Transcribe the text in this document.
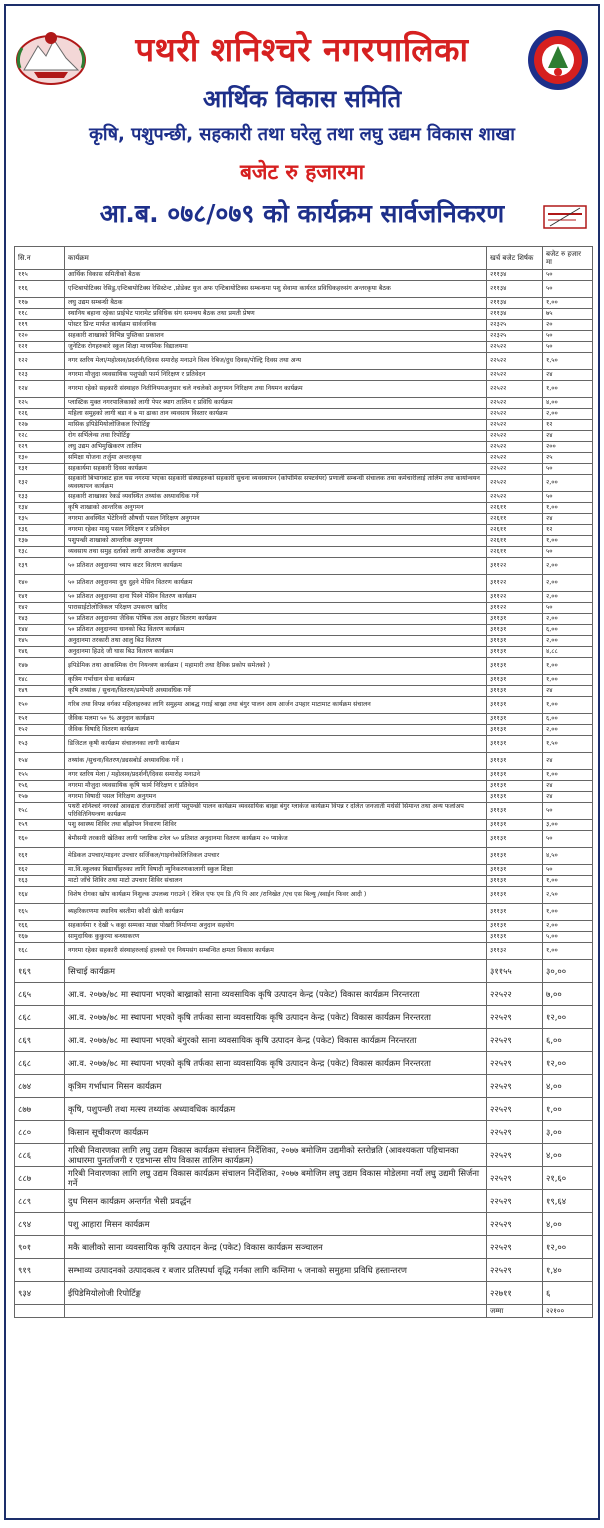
पथरी शनिश्चरे नगरपालिका
आर्थिक विकास समिति
कृषि, पशुपन्छी, सहकारी तथा घरेलु तथा लघु उद्यम विकास शाखा
बजेट रु हजारमा
आ.ब. ०७८/०७९ को कार्यक्रम सार्वजनिकरण
सि.न	कार्यक्रम	खर्च बजेट शिर्षक	बजेट रु हजार मा
११५	आर्थिक विकास समितीको बैठक	२११३४	५०
११६	एन्टिबायोटिक्स रेसिडु,एन्टिबायोटिक्स रेसिस्टेन्ट ,प्रोडेक्ट युज अफ एन्टिबायोटिक्स सम्बन्धमा पशु सेवामा कार्यरत प्रविधिकहरुसंग अन्तरकृया बैठक	२११३४	५०
११७	लघु उद्यम सम्बन्धी बैठक	२११३४	१,००
११८	स्थानिय बहाना रहेका प्राईभेट पारामेट प्रविधिक संग समन्वय बैठक तथा प्रमती प्रेषण	२११३४	७५
११९	पोस्टर प्रिन्ट मार्फत कार्यक्रम सार्वजनिक	२२३२५	२०
१२०	सहकारी शाखाको विभिन्न पुस्तिका प्रकाशन	२२३२५	५०
१२१	जुनेटिक रोगहरुबारे स्कुल शिक्षा माध्यमिक विद्यालयमा	२२५२२	५०
१२२	नगर स्तरिय मेला/महोत्सव/प्रदर्शनी/दिवस समारोह मनाउने विश्व रेबिज/दुध दिवस/पोल्ट्रि दिवस तथा अन्य	२२५२२	१,५०
१२३	नगरमा मौजुदा व्यवसायिक पशुपंछी फार्म निरिक्षण र प्रतिवेदन	२२५२२	२४
१२४	नगरमा रहेको सहकारी संस्थाहरु नितीनियमअनुसार चले नचलेको अनुगमन निरिक्षण तथा नियमन कार्यक्रम	२२५२२	१,००
१२५	प्लास्टिक मुक्त नगरपालिकाको लागी पेपर ब्याग तालिम र प्रविधि कार्यक्रम	२२५२२	४,००
१२६	महिला समुहको लागी बडा नं ७ मा ढाका तान व्यवसाय विस्तार कार्यक्रम	२२५२२	२,००
१२७	मासिक इपिडेमियोलोजिकल रिपोर्टिङ्ग	२२५२२	१२
१२८	रोग सर्भिलेन्स तथा रिपोर्टिङ्ग	२२५२२	२४
१२९	लघु उद्यम अभिमुखिकरण तालिम	२२५२२	२००
१३०	समिक्षा योजना तर्जुमा अन्तरकृया	२२५२२	२५
१३१	सहकार्यमा सहकारी दिवस कार्यक्रम	२२५२२	५०
१३२	सहकारी बिभागबाट हाल यस नगरमा भएका सहकारी संस्थाहरुको सहकारी सुचना व्यवस्थापन (कोपोमिस सफ्टवेयर) प्रणाली सम्बन्धी संचालक तथा कर्मचारीलाई तालिम तथा कार्यान्वयन व्यवस्थापन कार्यक्रम	२२५२२	२,००
१३३	सहकारी शाखाका रेकर्ड व्यवस्थित तथ्यांक अध्यावधिक गर्ने	२२५२२	५०
१३४	कृषि शाखाको आन्तरिक अनुगमन	२२६११	१,००
१३५	नगरमा अवस्थित भेटेरिनरी औषधी पसल निरिक्षण अनुगमन	२२६११	२४
१३६	नगरमा रहेका मासु पसल निरिक्षण र प्रतिवेदन	२२६११	१२
१३७	पशुपन्छी शाखाको आन्तरिक अनुगमन	२२६११	१,००
१३८	व्यवसाय तथा समुह दर्ताको लागी आन्तरीक अनुगमन	२२६११	५०
१३९	५० प्रतिशत अनुदानमा च्याप कटर वितरण कार्यक्रम	३११२२	२,००
१४०	५० प्रतिशत अनुदानमा दुध दुहने मेसिन वितरण कार्यक्रम	३११२२	२,००
१४१	५० प्रतिशत अनुदानमा दाना पिस्ने मेसिन वितरण कार्यक्रम	३११२२	२,००
१४२	पारासाईटोलोजिकल परिक्षण उपकरण खरिद	३११२२	५०
१४३	५० प्रतिशत अनुदानमा जैविक पोषिक तत्व आहार वितरण कार्यक्रम	३११३१	२,००
१४४	५० प्रतिशत अनुदानमा धानको बिउ वितरण कार्यक्रम	३११३१	६,००
१४५	अनुदानमा तरकारी तथा आलु बिउ वितरण	३११३१	२,००
१४६	अनुदानमा हिउदे जौ घास बिउ वितरण कार्यक्रम	३११३१	४,८८
१४७	इपिडेमिक तथा आकस्मिक रोग नियन्त्रण कार्यक्रम ( महामारी तथा दैविक प्रकोप समेतको )	३११३१	१,००
१४८	कृत्रिम गर्भाधान सेवा कार्यक्रम	३११३१	१,००
१४९	कृषि तथ्यांक / सुचना/वितरण/डम्पेभरी अध्यावधिक गर्ने	३११३१	२४
१५०	गरिब तथा विपन्न वर्गका महिलाहरुका लागि समुहमा आबद्ध गराई बाख्रा तथा बंगुर पालन आय आर्जन उपहार माटामाट कार्यक्रम संचालन	३११३१	१,००
१५१	जैविक मलमा ५० % अनुदान कार्यक्रम	३११३१	६,००
१५२	जैविक विषादि वितरण कार्यक्रम	३११३१	२,००
१५३	डिजिटल कृषी कार्यक्रम संचालनका लागी कार्यक्रम	३११३१	१,५०
१५४	तथ्यांक /सुचना/वितरण/ड्यसबोर्ड अध्यावधिक गर्ने ।	३११३१	२४
१५५	नगर स्तरिय मेला / महोत्सव/प्रदर्शनी/दिवस समारोह मनाउने	३११३१	१,००
१५६	नगरमा मौजुदा व्यवसायिक कृषि फार्म निरिक्षण र प्रतिवेदन	३११३१	२४
१५७	नगरमा विषादी पसल निरिक्षण अनुगमन	३११३१	२४
१५८	पथरी शनिश्चरे नगरको आवद्यता रोजगारीको लागी पशुपन्छी पालन कार्यक्रम व्यवसायिक बाख्रा बंगुर ग्लाकेज कार्यक्रम विपन्न र दलित जनजाती मधेसी सिमान्त तथा अन्य फलोअप परिवितिनियन्त्रण कार्यक्रम	३११३१	५०
१५९	पशु स्वास्थ्य शिविर तथा बाँझोपन निवारण शिविर	३११३१	३,००
१६०	बेमौसमी तरकारी खेतिका लागी प्लाष्टिक टनेल ५० प्रतिशत अनुदानमा वितरण कार्यक्रम २० प्याकेज	३११३१	५०
१६१	मेडिकल उपचार/माइनर उपचार सर्जिकल/गाइनोकोलिजिकल उपचार	३११३१	४,५०
१६२	मा.वि.स्कुलका बिद्यार्थीहरुका लागि विषादी न्युनिकरणकालागी स्कुल शिक्षा	३११३१	५०
१६३	माटो जाँचे शिविर तथा माटो उपचार शिविर संचालन	३११३१	१,००
१६४	विशेष रोगका खोप कार्यक्रम निशुल्क उपलब्ध गराउने ( रेबिज एफ एम डि /पि पि आर /रानिखेत /एच एस बिल्यु /स्वाईन फिवर आदी )	३११३१	२,५०
१६५	ब्यहरिकरणमा स्थानिय बस्तीमा कौशी खेती कार्यक्रम	३११३१	१,००
१६६	सहकार्यमा १ देखी ५ कठ्ठा सम्मका माछा पोखरी निर्माणमा अनुदान सहयोग	३११३१	२,००
१६७	सामुदायिक कुकुरमा बन्ध्याकरण	३११३१	५,००
१६८	नगरमा रहेका सहकारी संस्थाहरुलाई हालको एन नियमसंग सम्बन्धित क्षमता विकास कार्यक्रम	३११३२	१,००
१६९	सिचाई कार्यक्रम	३११५५	३०,००
८६५	आ.व. २०७७/७८ मा स्थापना भएको बाख्राको साना व्यवसायिक कृषि उत्पादन केन्द्र (पकेट) विकास कार्यक्रम निरन्तरता	२२५२२	७,००
८६८	आ.व. २०७७/७८ मा स्थापना भएको कृषि तर्फका साना व्यवसायिक कृषि उत्पादन केन्द्र (पकेट) विकास कार्यक्रम निरन्तरता	२२५२९	१२,००
८६९	आ.व. २०७७/७८ मा स्थापना भएको बंगुरको साना व्यवसायिक कृषि उत्पादन केन्द्र (पकेट) विकास कार्यक्रम निरन्तरता	२२५२९	६,००
८६८	आ.व. २०७७/७८ मा स्थापना भएको कृषि तर्फका साना व्यवसायिक कृषि उत्पादन केन्द्र (पकेट) विकास कार्यक्रम निरन्तरता	२२५२९	१२,००
८७४	कृत्रिम गर्भाधान मिसन कार्यक्रम	२२५२९	४,००
८७७	कृषि, पशुपन्छी तथा मत्स्य तथ्यांक अध्यावधिक कार्यक्रम	२२५२९	१,००
८८०	किसान सूचीकरण कार्यक्रम	२२५२९	३,००
८८६	गरिबी निवारणका लागि लघु उद्यम विकास कार्यक्रम संचालन निर्देशिका, २०७७ बमोजिम उद्यमीको स्तरोन्नति (आवश्यकता पहिचानका आधारमा पुनर्ताजगी र एडभान्स सीप विकास तालिम कार्यक्रम)	२२५२९	४,००
८८७	गरिबी निवारणका लागि लघु उद्यम विकास कार्यक्रम संचालन निर्देशिका, २०७७ बमोजिम लघु उद्यम विकास मोडेलमा नयाँ लघु उद्यमी सिर्जना गर्ने	२२५२९	२१,६०
८८९	दुध मिसन कार्यक्रम अन्तर्गत भैसी प्रवर्द्धन	२२५२९	१९,६४
८९४	पशु आहारा मिसन कार्यक्रम	२२५२९	४,००
९०१	मकै बालीको साना व्यवसायिक कृषि उत्पादन केन्द्र (पकेट) विकास कार्यक्रम सञ्चालन	२२५२९	१२,००
९१९	सम्भाव्य उत्पादनको उत्पादकत्व र बजार प्रतिस्पर्धा वृद्धि गर्नका लागि कम्तिमा ५ जनाको समुहमा प्रविधि हस्तान्तरण	२२५२९	१,४०
९३४	ईपिडेमियोलोजी रिपोर्टिङ्ग	२२७११	६
		जम्मा	२२१००
